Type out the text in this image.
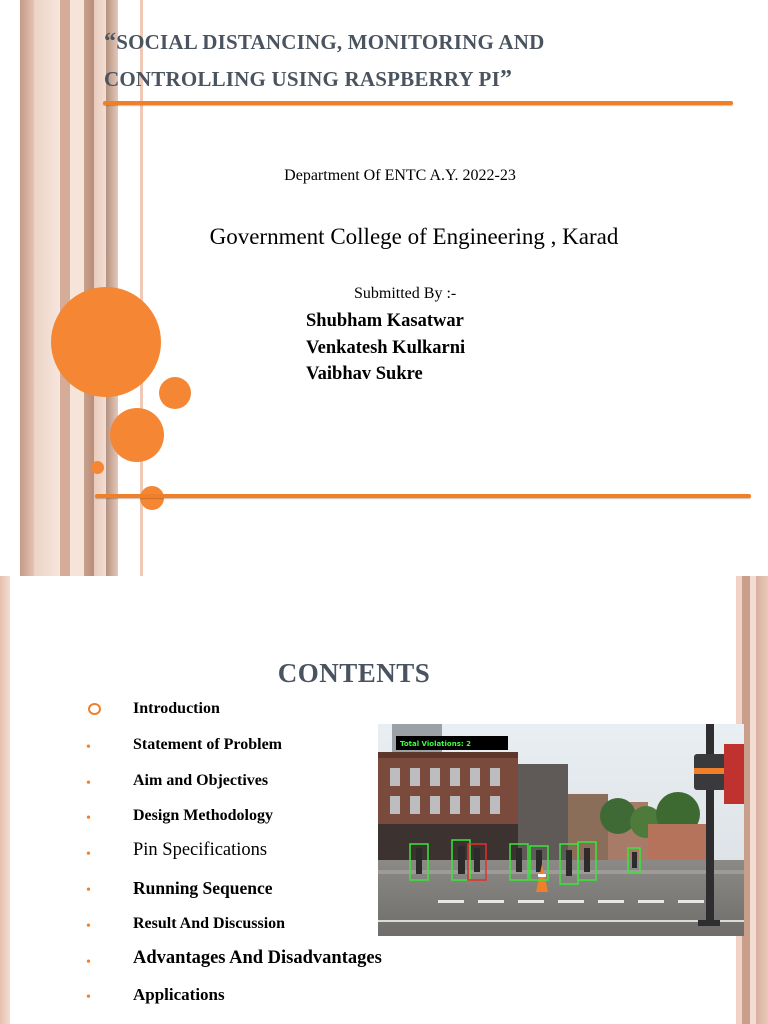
“SOCIAL DISTANCING, MONITORING AND CONTROLLING USING RASPBERRY PI”
Department Of ENTC A.Y. 2022-23
Government College of Engineering , Karad
Submitted By :-
Shubham Kasatwar
Venkatesh Kulkarni
Vaibhav Sukre
CONTENTS
Introduction
•	Statement of Problem
•	Aim and Objectives
•	Design Methodology
• Pin Specifications
• Running Sequence
•	Result And Discussion
• Advantages And Disadvantages
• Applications
Total Violations: 2
